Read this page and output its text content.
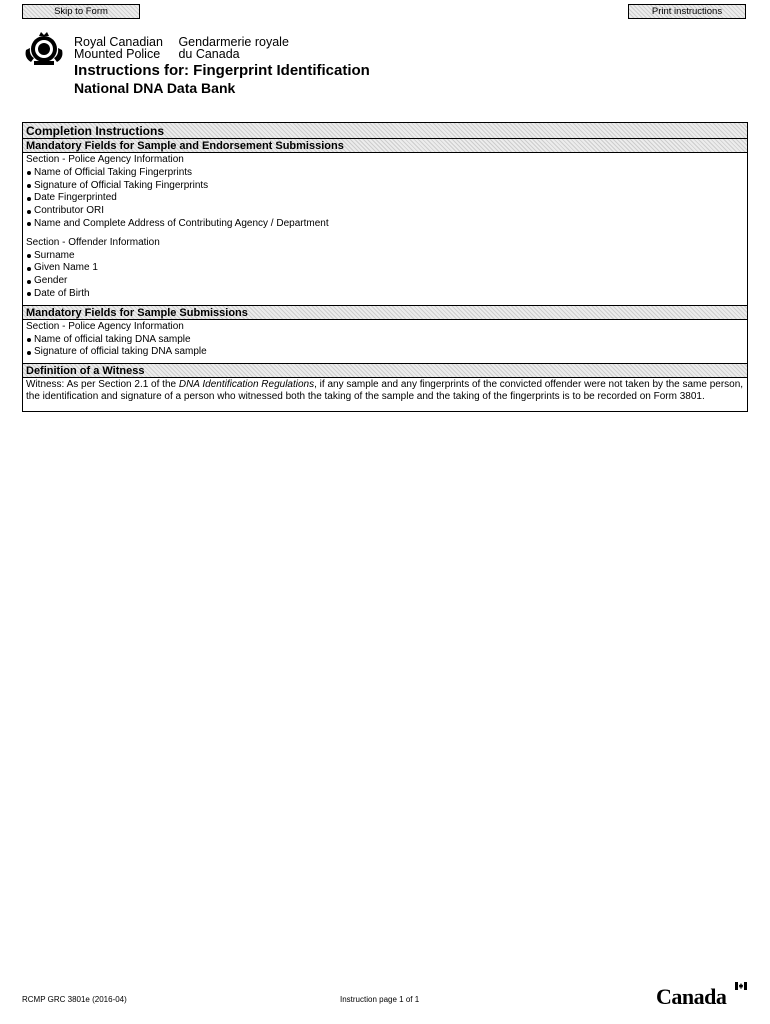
Skip to Form	Print instructions
Royal Canadian
Mounted Police Gendarmerie royale
du Canada
Instructions for: Fingerprint Identification
National DNA Data Bank
Completion Instructions
Mandatory Fields for Sample and Endorsement Submissions

Section - Police Agency Information

Name of Official Taking Fingerprints
Signature of Official Taking Fingerprints
Date Fingerprinted
Contributor ORI
Name and Complete Address of Contributing Agency / Department

Section - Offender Information

Surname
Given Name 1
Gender
Date of Birth
Mandatory Fields for Sample Submissions

Section - Police Agency Information

Name of official taking DNA sample
Signature of official taking DNA sample
Definition of a Witness

Witness: As per Section 2.1 of the DNA Identification Regulations, if any sample and any fingerprints of the convicted offender were not taken by the same person, the identification and signature of a person who witnessed both the taking of the sample and the taking of the fingerprints is to be recorded on Form 3801.

RCMP GRC 3801e (2016-04)	Instruction page 1 of 1	Canada
